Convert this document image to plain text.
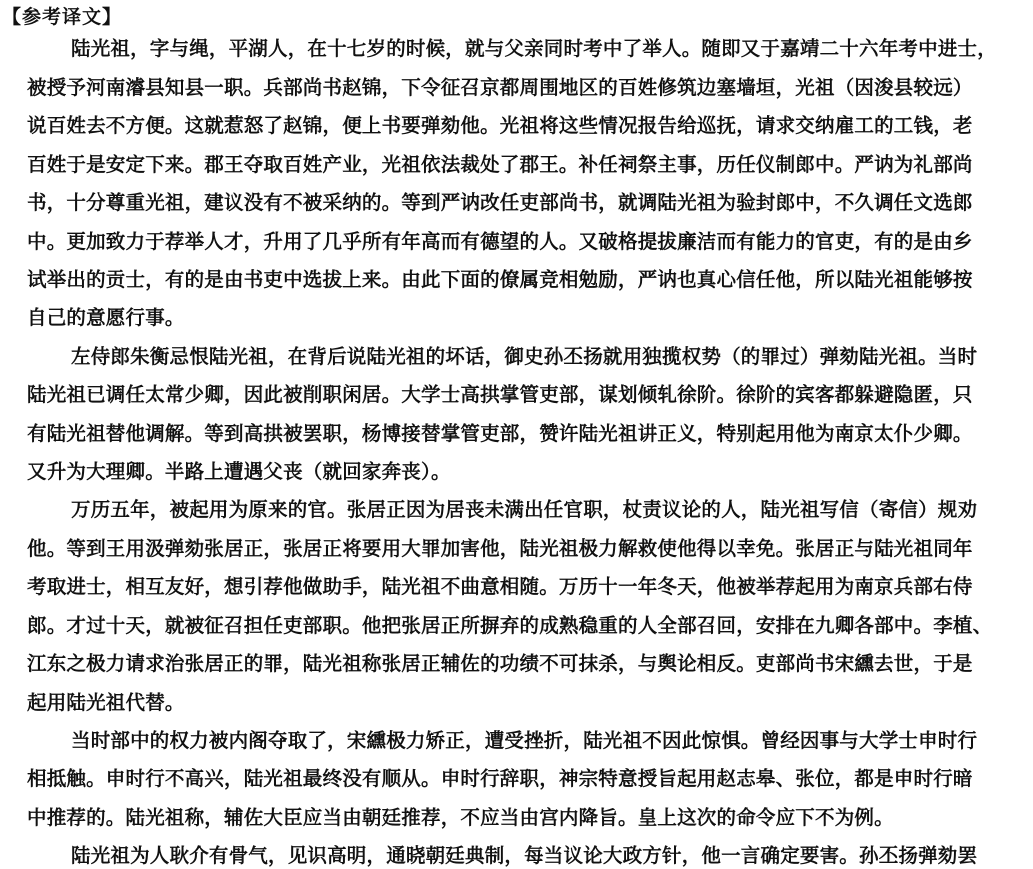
【参考译文】
陆光祖，字与绳，平湖人，在十七岁的时候，就与父亲同时考中了举人。随即又于嘉靖二十六年考中进士，
被授予河南濬县知县一职。兵部尚书赵锦，下令征召京都周围地区的百姓修筑边塞墙垣，光祖（因浚县较远）
说百姓去不方便。这就惹怒了赵锦，便上书要弹劾他。光祖将这些情况报告给巡抚，请求交纳雇工的工钱，老
百姓于是安定下来。郡王夺取百姓产业，光祖依法裁处了郡王。补任祠祭主事，历任仪制郎中。严讷为礼部尚
书，十分尊重光祖，建议没有不被采纳的。等到严讷改任吏部尚书，就调陆光祖为验封郎中，不久调任文选郎
中。更加致力于荐举人才，升用了几乎所有年高而有德望的人。又破格提拔廉洁而有能力的官吏，有的是由乡
试举出的贡士，有的是由书吏中选拔上来。由此下面的僚属竞相勉励，严讷也真心信任他，所以陆光祖能够按
自己的意愿行事。
左侍郎朱衡忌恨陆光祖，在背后说陆光祖的坏话，御史孙丕扬就用独揽权势（的罪过）弹劾陆光祖。当时
陆光祖已调任太常少卿，因此被削职闲居。大学士高拱掌管吏部，谋划倾轧徐阶。徐阶的宾客都躲避隐匿，只
有陆光祖替他调解。等到高拱被罢职，杨博接替掌管吏部，赞许陆光祖讲正义，特别起用他为南京太仆少卿。
又升为大理卿。半路上遭遇父丧（就回家奔丧）。
万历五年，被起用为原来的官。张居正因为居丧未满出任官职，杖责议论的人，陆光祖写信（寄信）规劝
他。等到王用汲弹劾张居正，张居正将要用大罪加害他，陆光祖极力解救使他得以幸免。张居正与陆光祖同年
考取进士，相互友好，想引荐他做助手，陆光祖不曲意相随。万历十一年冬天，他被举荐起用为南京兵部右侍
郎。才过十天，就被征召担任吏部职。他把张居正所摒弃的成熟稳重的人全部召回，安排在九卿各部中。李植、
江东之极力请求治张居正的罪，陆光祖称张居正辅佐的功绩不可抹杀，与舆论相反。吏部尚书宋纁去世，于是
起用陆光祖代替。
当时部中的权力被内阁夺取了，宋纁极力矫正，遭受挫折，陆光祖不因此惊惧。曾经因事与大学士申时行
相抵触。申时行不高兴，陆光祖最终没有顺从。申时行辞职，神宗特意授旨起用赵志皋、张位，都是申时行暗
中推荐的。陆光祖称，辅佐大臣应当由朝廷推荐，不应当由宫内降旨。皇上这次的命令应下不为例。
陆光祖为人耿介有骨气，见识高明，通晓朝廷典制，每当议论大政方针，他一言确定要害。孙丕扬弹劾罢
